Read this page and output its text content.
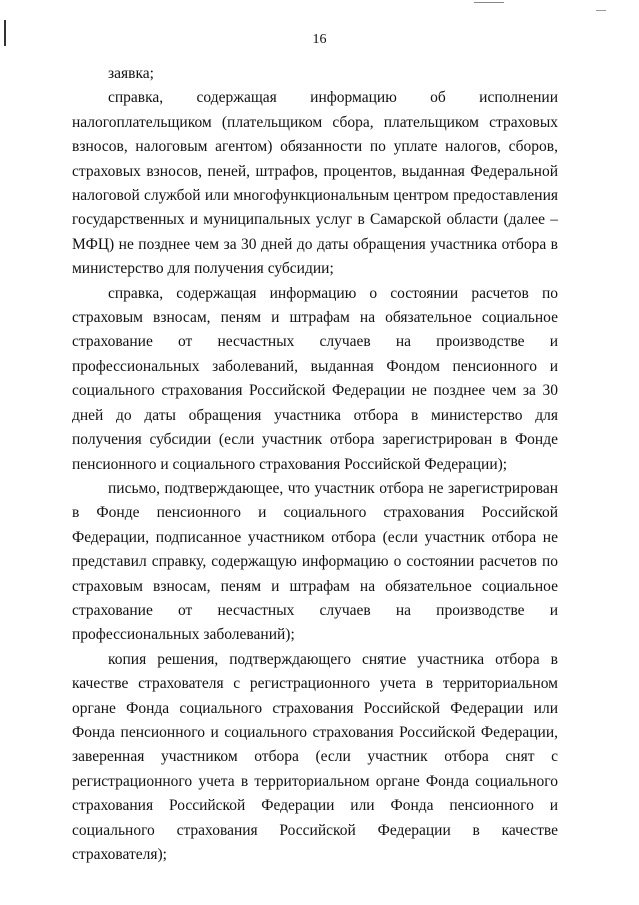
16

заявка;

справка, содержащая информацию об исполнении налогоплательщиком (плательщиком сбора, плательщиком страховых взносов, налоговым агентом) обязанности по уплате налогов, сборов, страховых взносов, пеней, штрафов, процентов, выданная Федеральной налоговой службой или многофункциональным центром предоставления государственных и муниципальных услуг в Самарской области (далее – МФЦ) не позднее чем за 30 дней до даты обращения участника отбора в министерство для получения субсидии;

справка, содержащая информацию о состоянии расчетов по страховым взносам, пеням и штрафам на обязательное социальное страхование от несчастных случаев на производстве и профессиональных заболеваний, выданная Фондом пенсионного и социального страхования Российской Федерации не позднее чем за 30 дней до даты обращения участника отбора в министерство для получения субсидии (если участник отбора зарегистрирован в Фонде пенсионного и социального страхования Российской Федерации);

письмо, подтверждающее, что участник отбора не зарегистрирован в Фонде пенсионного и социального страхования Российской Федерации, подписанное участником отбора (если участник отбора не представил справку, содержащую информацию о состоянии расчетов по страховым взносам, пеням и штрафам на обязательное социальное страхование от несчастных случаев на производстве и профессиональных заболеваний);

копия решения, подтверждающего снятие участника отбора в качестве страхователя с регистрационного учета в территориальном органе Фонда социального страхования Российской Федерации или Фонда пенсионного и социального страхования Российской Федерации, заверенная участником отбора (если участник отбора снят с регистрационного учета в территориальном органе Фонда социального страхования Российской Федерации или Фонда пенсионного и социального страхования Российской Федерации в качестве страхователя);
